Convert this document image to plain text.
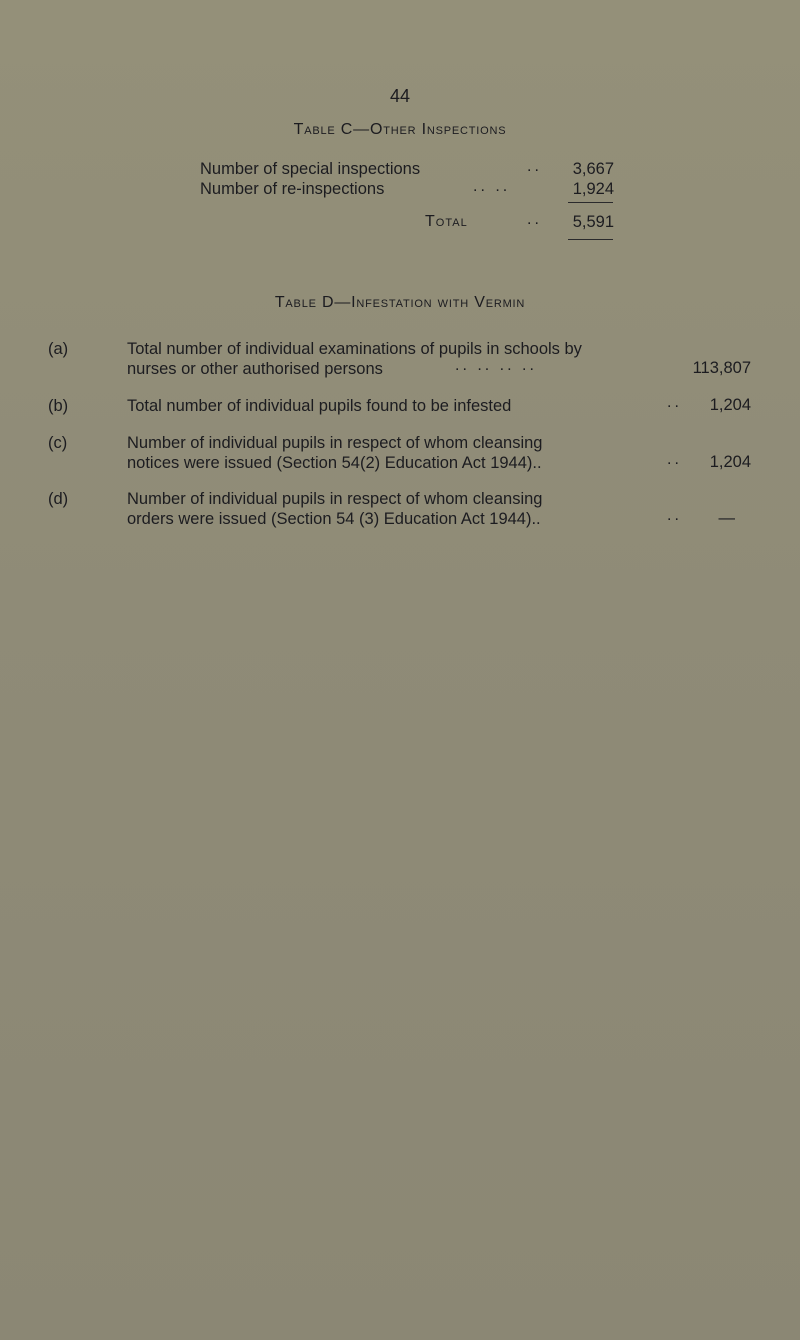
44
Table C—Other Inspections
Number of special inspections	..	3,667
Number of re-inspections	.. ..	1,924
Total	..	5,591
Table D—Infestation with Vermin
(a)	Total number of individual examinations of pupils in schools by
nurses or other authorised persons	.. .. .. ..	113,807
(b)	Total number of individual pupils found to be infested	..	1,204
(c)	Number of individual pupils in respect of whom cleansing
notices were issued (Section 54(2) Education Act 1944)..	..	1,204
(d)	Number of individual pupils in respect of whom cleansing
orders were issued (Section 54 (3) Education Act 1944)..	..	—
